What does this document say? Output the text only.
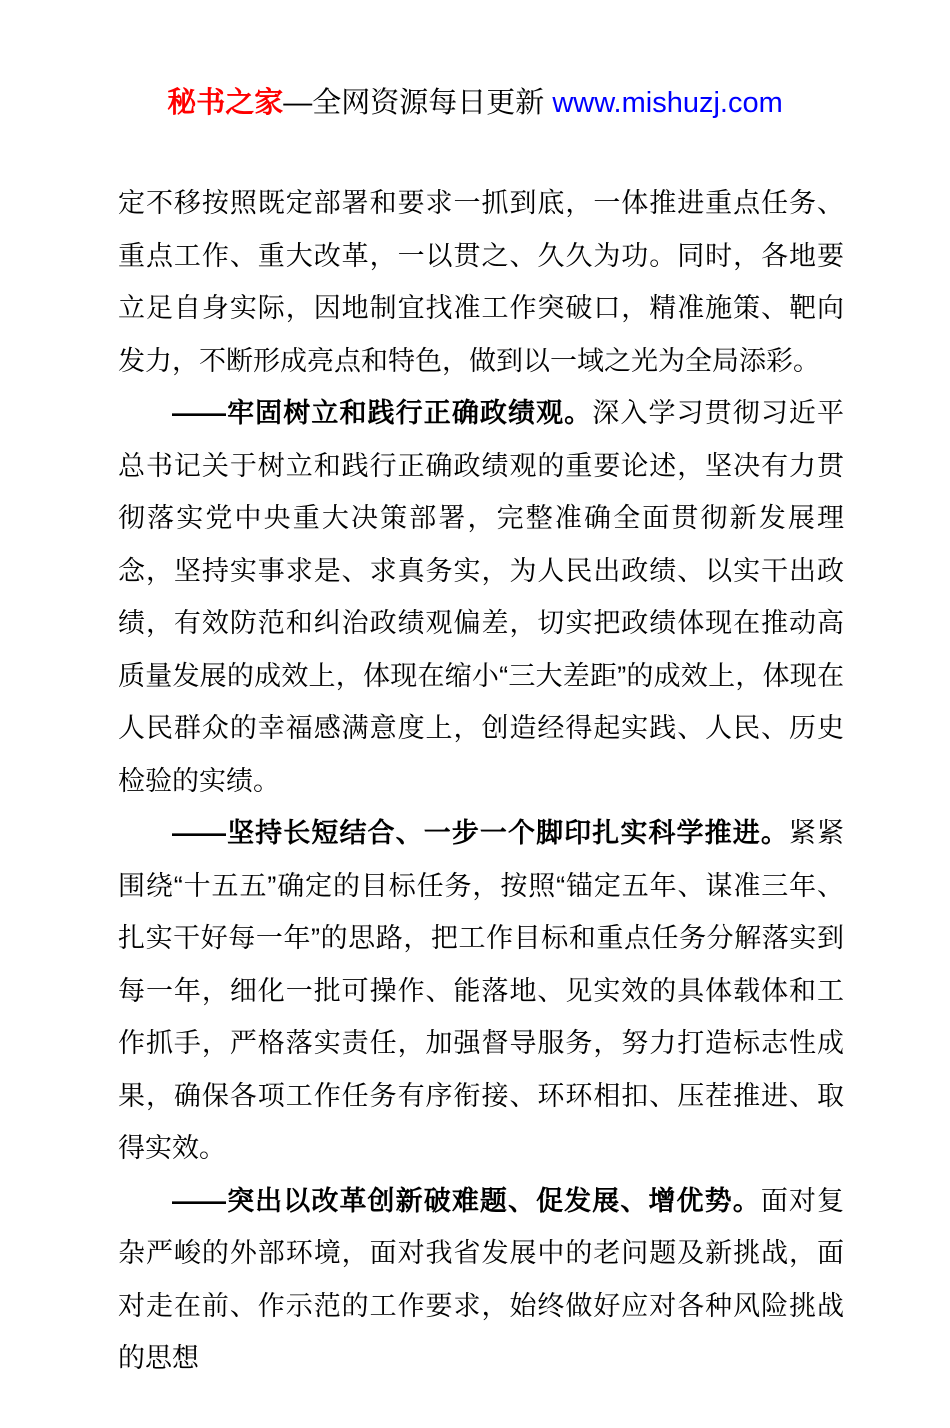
秘书之家—全网资源每日更新 www.mishuzj.com

定不移按照既定部署和要求一抓到底，一体推进重点任务、重点工作、重大改革，一以贯之、久久为功。同时，各地要立足自身实际，因地制宜找准工作突破口，精准施策、靶向发力，不断形成亮点和特色，做到以一域之光为全局添彩。

——牢固树立和践行正确政绩观。深入学习贯彻习近平总书记关于树立和践行正确政绩观的重要论述，坚决有力贯彻落实党中央重大决策部署，完整准确全面贯彻新发展理念，坚持实事求是、求真务实，为人民出政绩、以实干出政绩，有效防范和纠治政绩观偏差，切实把政绩体现在推动高质量发展的成效上，体现在缩小“三大差距”的成效上，体现在人民群众的幸福感满意度上，创造经得起实践、人民、历史检验的实绩。

——坚持长短结合、一步一个脚印扎实科学推进。紧紧围绕“十五五”确定的目标任务，按照“锚定五年、谋准三年、扎实干好每一年”的思路，把工作目标和重点任务分解落实到每一年，细化一批可操作、能落地、见实效的具体载体和工作抓手，严格落实责任，加强督导服务，努力打造标志性成果，确保各项工作任务有序衔接、环环相扣、压茬推进、取得实效。

——突出以改革创新破难题、促发展、增优势。面对复杂严峻的外部环境，面对我省发展中的老问题及新挑战，面对走在前、作示范的工作要求，始终做好应对各种风险挑战的思想
